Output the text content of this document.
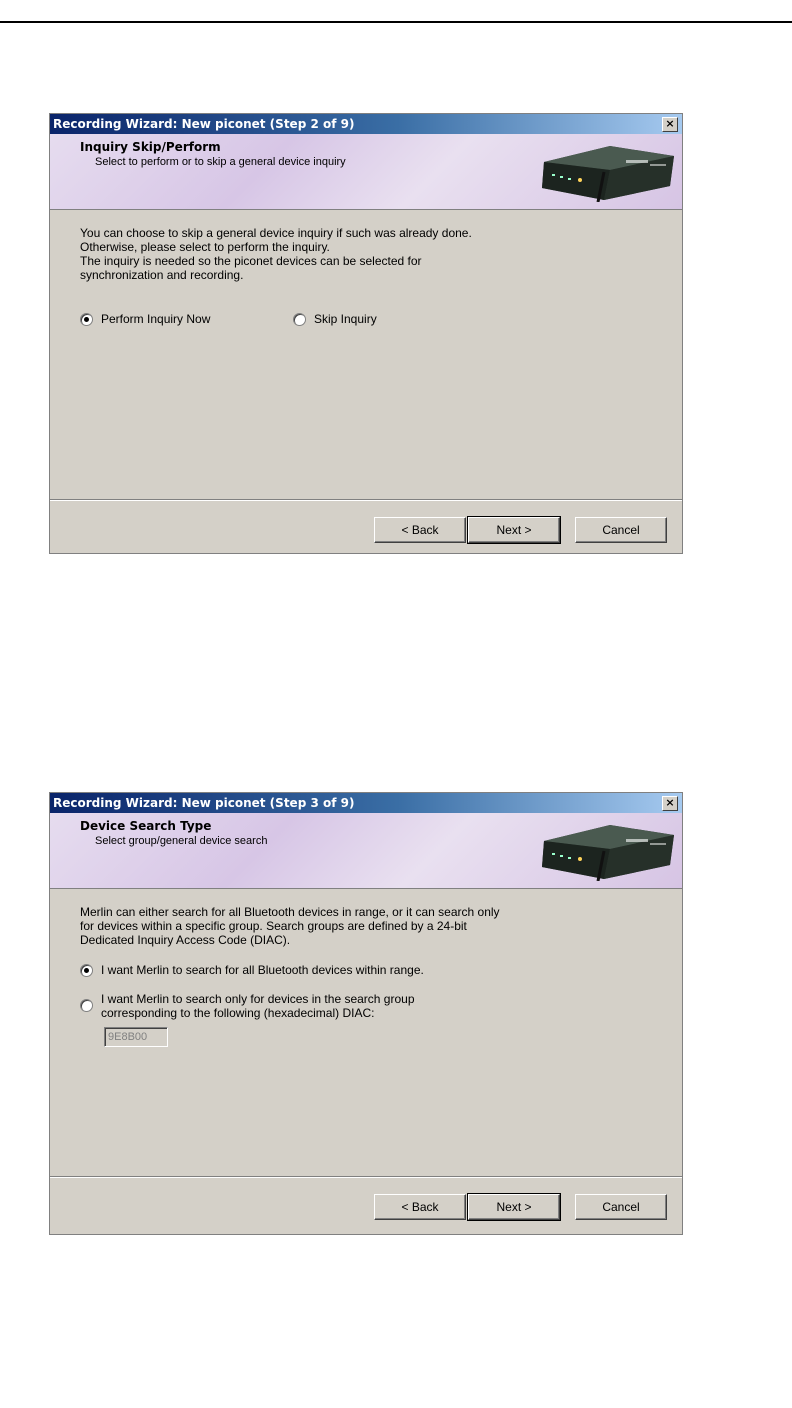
Recording Wizard: New piconet (Step 2 of 9)	×
Inquiry Skip/Perform
Select to perform or to skip a general device inquiry
You can choose to skip a general device inquiry if such was already done.
Otherwise, please select to perform the inquiry.
The inquiry is needed so the piconet devices can be selected for
synchronization and recording.
Perform Inquiry Now	Skip Inquiry
< Back	Next >	Cancel
Recording Wizard: New piconet (Step 3 of 9)	×
Device Search Type
Select group/general device search
Merlin can either search for all Bluetooth devices in range, or it can search only
for devices within a specific group. Search groups are defined by a 24-bit
Dedicated Inquiry Access Code (DIAC).
I want Merlin to search for all Bluetooth devices within range.
I want Merlin to search only for devices in the search group
corresponding to the following (hexadecimal) DIAC:
9E8B00
< Back	Next >	Cancel
